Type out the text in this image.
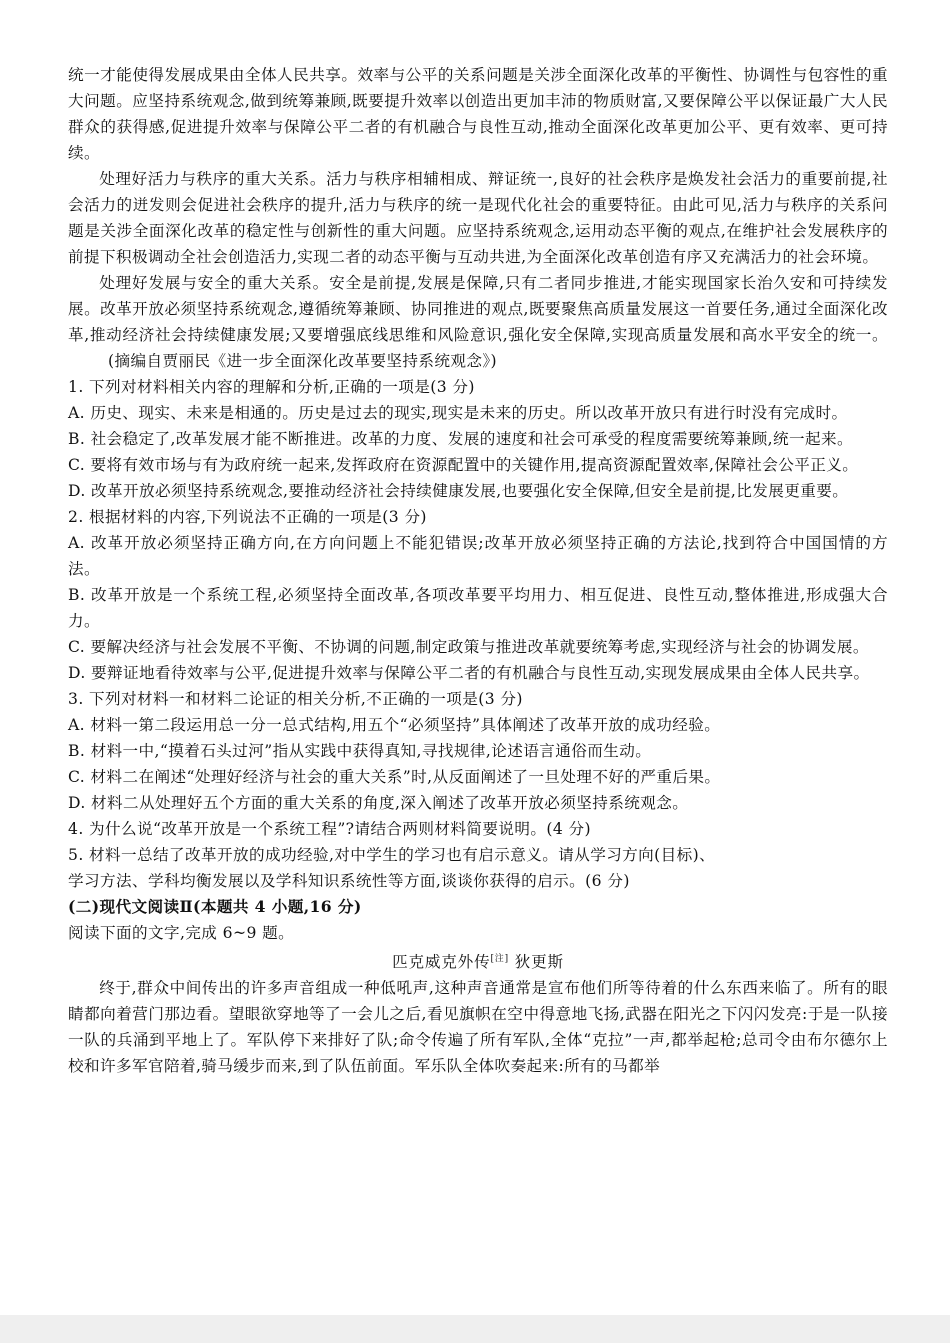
统一才能使得发展成果由全体人民共享。效率与公平的关系问题是关涉全面深化改革的平衡性、协调性与包容性的重大问题。应坚持系统观念,做到统筹兼顾,既要提升效率以创造出更加丰沛的物质财富,又要保障公平以保证最广大人民群众的获得感,促进提升效率与保障公平二者的有机融合与良性互动,推动全面深化改革更加公平、更有效率、更可持续。

处理好活力与秩序的重大关系。活力与秩序相辅相成、辩证统一,良好的社会秩序是焕发社会活力的重要前提,社会活力的迸发则会促进社会秩序的提升,活力与秩序的统一是现代化社会的重要特征。由此可见,活力与秩序的关系问题是关涉全面深化改革的稳定性与创新性的重大问题。应坚持系统观念,运用动态平衡的观点,在维护社会发展秩序的前提下积极调动全社会创造活力,实现二者的动态平衡与互动共进,为全面深化改革创造有序又充满活力的社会环境。

处理好发展与安全的重大关系。安全是前提,发展是保障,只有二者同步推进,才能实现国家长治久安和可持续发展。改革开放必须坚持系统观念,遵循统筹兼顾、协同推进的观点,既要聚焦高质量发展这一首要任务,通过全面深化改革,推动经济社会持续健康发展;又要增强底线思维和风险意识,强化安全保障,实现高质量发展和高水平安全的统一。(摘编自贾丽民《进一步全面深化改革要坚持系统观念》)

1. 下列对材料相关内容的理解和分析,正确的一项是(3 分)

A. 历史、现实、未来是相通的。历史是过去的现实,现实是未来的历史。所以改革开放只有进行时没有完成时。

B. 社会稳定了,改革发展才能不断推进。改革的力度、发展的速度和社会可承受的程度需要统筹兼顾,统一起来。

C. 要将有效市场与有为政府统一起来,发挥政府在资源配置中的关键作用,提高资源配置效率,保障社会公平正义。

D. 改革开放必须坚持系统观念,要推动经济社会持续健康发展,也要强化安全保障,但安全是前提,比发展更重要。

2. 根据材料的内容,下列说法不正确的一项是(3 分)

A. 改革开放必须坚持正确方向,在方向问题上不能犯错误;改革开放必须坚持正确的方法论,找到符合中国国情的方法。

B. 改革开放是一个系统工程,必须坚持全面改革,各项改革要平均用力、相互促进、良性互动,整体推进,形成强大合力。

C. 要解决经济与社会发展不平衡、不协调的问题,制定政策与推进改革就要统筹考虑,实现经济与社会的协调发展。

D. 要辩证地看待效率与公平,促进提升效率与保障公平二者的有机融合与良性互动,实现发展成果由全体人民共享。

3. 下列对材料一和材料二论证的相关分析,不正确的一项是(3 分)

A. 材料一第二段运用总一分一总式结构,用五个“必须坚持”具体阐述了改革开放的成功经验。

B. 材料一中,“摸着石头过河”指从实践中获得真知,寻找规律,论述语言通俗而生动。

C. 材料二在阐述“处理好经济与社会的重大关系”时,从反面阐述了一旦处理不好的严重后果。

D. 材料二从处理好五个方面的重大关系的角度,深入阐述了改革开放必须坚持系统观念。

4. 为什么说“改革开放是一个系统工程”?请结合两则材料简要说明。(4 分)

5. 材料一总结了改革开放的成功经验,对中学生的学习也有启示意义。请从学习方向(目标)、

学习方法、学科均衡发展以及学科知识系统性等方面,谈谈你获得的启示。(6 分)

(二)现代文阅读Ⅱ(本题共 4 小题,16 分)

阅读下面的文字,完成 6~9 题。

匹克威克外传[注] 狄更斯

终于,群众中间传出的许多声音组成一种低吼声,这种声音通常是宣布他们所等待着的什么东西来临了。所有的眼睛都向着营门那边看。望眼欲穿地等了一会儿之后,看见旗帜在空中得意地飞扬,武器在阳光之下闪闪发亮:于是一队接一队的兵涌到平地上了。军队停下来排好了队;命令传遍了所有军队,全体“克拉”一声,都举起枪;总司令由布尔德尔上校和许多军官陪着,骑马缓步而来,到了队伍前面。军乐队全体吹奏起来:所有的马都举
